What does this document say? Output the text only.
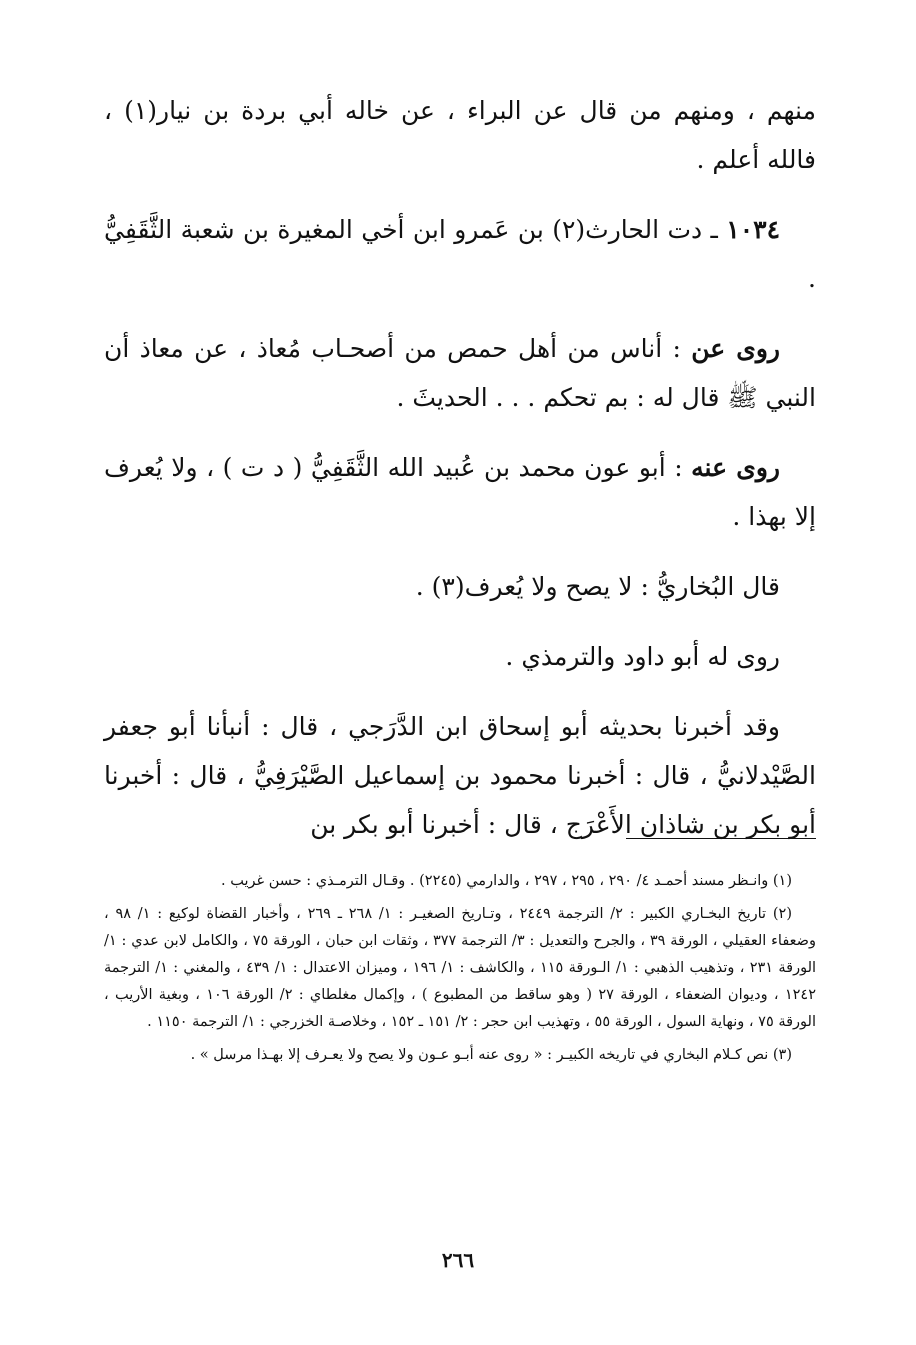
منهم ، ومنهم من قال عن البراء ، عن خاله أبي بردة بن نيار(١) ، فالله أعلم .

١٠٣٤ ـ دت الحارث(٢) بن عَمرو ابن أخي المغيرة بن شعبة الثَّقَفِيُّ .

روى عن : أناس من أهل حمص من أصحـاب مُعاذ ، عن معاذ أن النبي ﷺ قال له : بم تحكم . . . الحديثَ .

روى عنه : أبو عون محمد بن عُبيد الله الثَّقَفِيُّ ( د ت ) ، ولا يُعرف إلا بهذا .

قال البُخاريُّ : لا يصح ولا يُعرف(٣) .

روى له أبو داود والترمذي .

وقد أخبرنا بحديثه أبو إسحاق ابن الدَّرَجي ، قال : أنبأنا أبو جعفر الصَّيْدلانيُّ ، قال : أخبرنا محمود بن إسماعيل الصَّيْرَفِيُّ ، قال : أخبرنا أبو بكر بن شاذان الأَعْرَج ، قال : أخبرنا أبو بكر بن

(١) وانـظر مسند أحمـد ٤/ ٢٩٠ ، ٢٩٥ ، ٢٩٧ ، والدارمي (٢٢٤٥) . وقـال الترمـذي : حسن غريب .

(٢) تاريخ البخـاري الكبير : ٢/ الترجمة ٢٤٤٩ ، وتـاريخ الصغيـر : ١/ ٢٦٨ ـ ٢٦٩ ، وأخبار القضاة لوكيع : ١/ ٩٨ ، وضعفاء العقيلي ، الورقة ٣٩ ، والجرح والتعديل : ٣/ الترجمة ٣٧٧ ، وثقات ابن حبان ، الورقة ٧٥ ، والكامل لابن عدي : ١/ الورقة ٢٣١ ، وتذهيب الذهبي : ١/ الـورقة ١١٥ ، والكاشف : ١/ ١٩٦ ، وميزان الاعتدال : ١/ ٤٣٩ ، والمغني : ١/ الترجمة ١٢٤٢ ، وديوان الضعفاء ، الورقة ٢٧ ( وهو ساقط من المطبوع ) ، وإكمال مغلطاي : ٢/ الورقة ١٠٦ ، وبغية الأريب ، الورقة ٧٥ ، ونهاية السول ، الورقة ٥٥ ، وتهذيب ابن حجر : ٢/ ١٥١ ـ ١٥٢ ، وخلاصـة الخزرجي : ١/ الترجمة ١١٥٠ .

(٣) نص كـلام البخاري في تاريخه الكبيـر : « روى عنه أبـو عـون ولا يصح ولا يعـرف إلا بهـذا مرسل » .

٢٦٦
